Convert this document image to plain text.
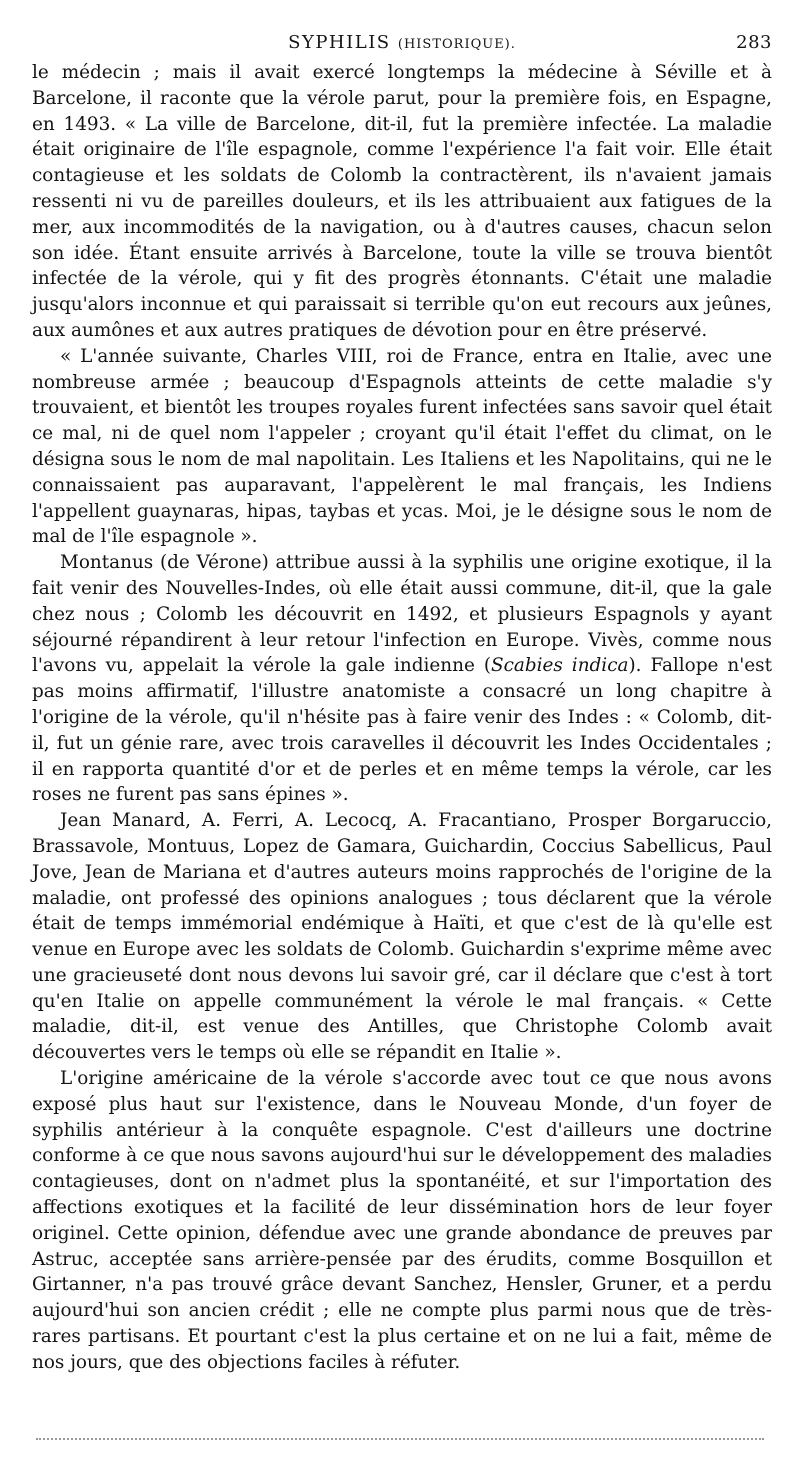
SYPHILIS (HISTORIQUE).	283

le médecin ; mais il avait exercé longtemps la médecine à Séville et à Barcelone, il raconte que la vérole parut, pour la première fois, en Espagne, en 1493. « La ville de Barcelone, dit-il, fut la première infectée. La maladie était originaire de l'île espagnole, comme l'expérience l'a fait voir. Elle était contagieuse et les soldats de Colomb la contractèrent, ils n'avaient jamais ressenti ni vu de pareilles douleurs, et ils les attribuaient aux fatigues de la mer, aux incommodités de la navigation, ou à d'autres causes, chacun selon son idée. Étant ensuite arrivés à Barcelone, toute la ville se trouva bientôt infectée de la vérole, qui y fit des progrès étonnants. C'était une maladie jusqu'alors inconnue et qui paraissait si terrible qu'on eut recours aux jeûnes, aux aumônes et aux autres pratiques de dévotion pour en être préservé.

« L'année suivante, Charles VIII, roi de France, entra en Italie, avec une nombreuse armée ; beaucoup d'Espagnols atteints de cette maladie s'y trouvaient, et bientôt les troupes royales furent infectées sans savoir quel était ce mal, ni de quel nom l'appeler ; croyant qu'il était l'effet du climat, on le désigna sous le nom de mal napolitain. Les Italiens et les Napolitains, qui ne le connaissaient pas auparavant, l'appelèrent le mal français, les Indiens l'appellent guaynaras, hipas, taybas et ycas. Moi, je le désigne sous le nom de mal de l'île espagnole ».

Montanus (de Vérone) attribue aussi à la syphilis une origine exotique, il la fait venir des Nouvelles-Indes, où elle était aussi commune, dit-il, que la gale chez nous ; Colomb les découvrit en 1492, et plusieurs Espagnols y ayant séjourné répandirent à leur retour l'infection en Europe. Vivès, comme nous l'avons vu, appelait la vérole la gale indienne (Scabies indica). Fallope n'est pas moins affirmatif, l'illustre anatomiste a consacré un long chapitre à l'origine de la vérole, qu'il n'hésite pas à faire venir des Indes : « Colomb, dit-il, fut un génie rare, avec trois caravelles il découvrit les Indes Occidentales ; il en rapporta quantité d'or et de perles et en même temps la vérole, car les roses ne furent pas sans épines ».

Jean Manard, A. Ferri, A. Lecocq, A. Fracantiano, Prosper Borgaruccio, Brassavole, Montuus, Lopez de Gamara, Guichardin, Coccius Sabellicus, Paul Jove, Jean de Mariana et d'autres auteurs moins rapprochés de l'origine de la maladie, ont professé des opinions analogues ; tous déclarent que la vérole était de temps immémorial endémique à Haïti, et que c'est de là qu'elle est venue en Europe avec les soldats de Colomb. Guichardin s'exprime même avec une gracieuseté dont nous devons lui savoir gré, car il déclare que c'est à tort qu'en Italie on appelle communément la vérole le mal français. « Cette maladie, dit-il, est venue des Antilles, que Christophe Colomb avait découvertes vers le temps où elle se répandit en Italie ».

L'origine américaine de la vérole s'accorde avec tout ce que nous avons exposé plus haut sur l'existence, dans le Nouveau Monde, d'un foyer de syphilis antérieur à la conquête espagnole. C'est d'ailleurs une doctrine conforme à ce que nous savons aujourd'hui sur le développement des maladies contagieuses, dont on n'admet plus la spontanéité, et sur l'importation des affections exotiques et la facilité de leur dissémination hors de leur foyer originel. Cette opinion, défendue avec une grande abondance de preuves par Astruc, acceptée sans arrière-pensée par des érudits, comme Bosquillon et Girtanner, n'a pas trouvé grâce devant Sanchez, Hensler, Gruner, et a perdu aujourd'hui son ancien crédit ; elle ne compte plus parmi nous que de très-rares partisans. Et pourtant c'est la plus certaine et on ne lui a fait, même de nos jours, que des objections faciles à réfuter.
